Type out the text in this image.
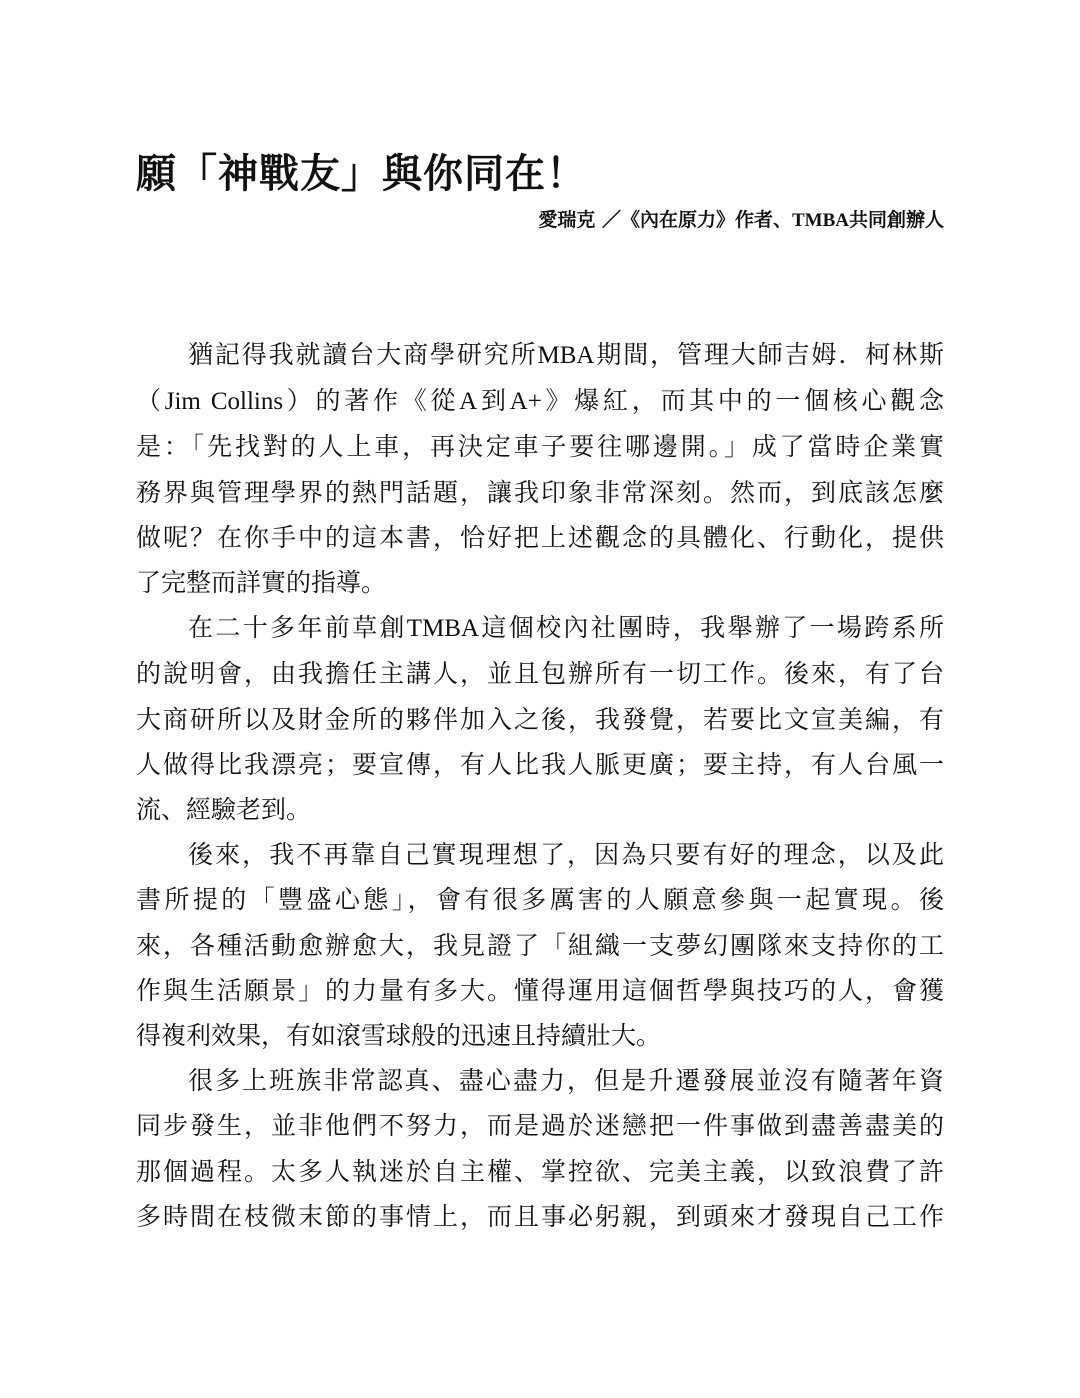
願「神戰友」與你同在！
愛瑞克 ／《內在原力》作者、TMBA共同創辦人

猶記得我就讀台大商學研究所MBA期間，管理大師吉姆．柯林斯
（Jim Collins）的著作《從A到A+》爆紅，而其中的一個核心觀念
是：「先找對的人上車，再決定車子要往哪邊開。」成了當時企業實
務界與管理學界的熱門話題，讓我印象非常深刻。然而，到底該怎麼
做呢？在你手中的這本書，恰好把上述觀念的具體化、行動化，提供
了完整而詳實的指導。

在二十多年前草創TMBA這個校內社團時，我舉辦了一場跨系所
的說明會，由我擔任主講人，並且包辦所有一切工作。後來，有了台
大商研所以及財金所的夥伴加入之後，我發覺，若要比文宣美編，有
人做得比我漂亮；要宣傳，有人比我人脈更廣；要主持，有人台風一
流、經驗老到。

後來，我不再靠自己實現理想了，因為只要有好的理念，以及此
書所提的「豐盛心態」，會有很多厲害的人願意參與一起實現。後
來，各種活動愈辦愈大，我見證了「組織一支夢幻團隊來支持你的工
作與生活願景」的力量有多大。懂得運用這個哲學與技巧的人，會獲
得複利效果，有如滾雪球般的迅速且持續壯大。

很多上班族非常認真、盡心盡力，但是升遷發展並沒有隨著年資
同步發生，並非他們不努力，而是過於迷戀把一件事做到盡善盡美的
那個過程。太多人執迷於自主權、掌控欲、完美主義，以致浪費了許
多時間在枝微末節的事情上，而且事必躬親，到頭來才發現自己工作
